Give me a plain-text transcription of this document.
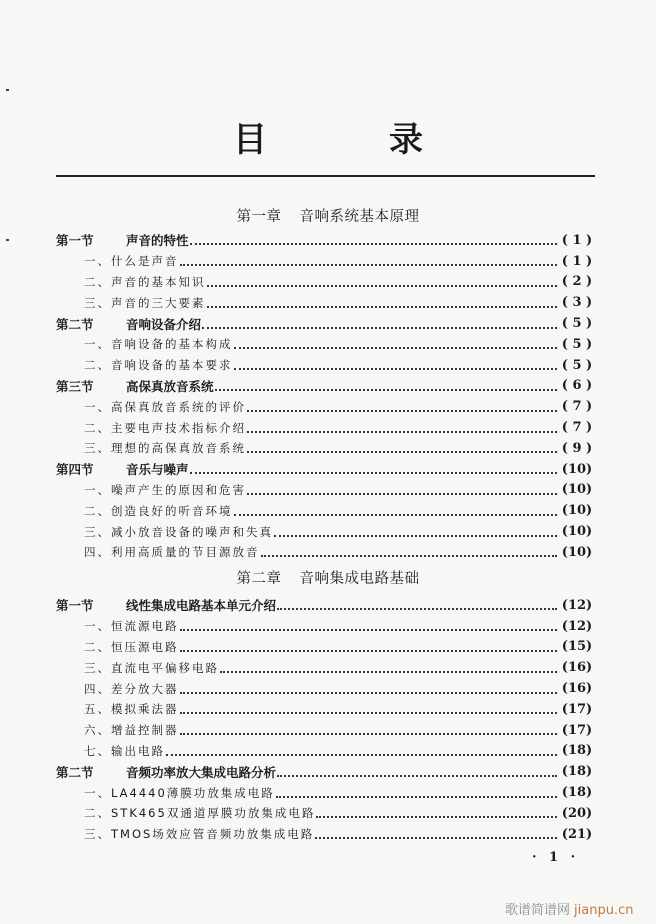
目　录
第一章 音响系统基本原理
第一节	声音的特性	( 1 )
一、 什么是声音	( 1 )
二、 声音的基本知识	( 2 )
三、 声音的三大要素	( 3 )
第二节	音响设备介绍	( 5 )
一、 音响设备的基本构成	( 5 )
二、 音响设备的基本要求	( 5 )
第三节	高保真放音系统	( 6 )
一、 高保真放音系统的评价	( 7 )
二、 主要电声技术指标介绍	( 7 )
三、 理想的高保真放音系统	( 9 )
第四节	音乐与噪声	(10)
一、 噪声产生的原因和危害	(10)
二、 创造良好的听音环境	(10)
三、 减小放音设备的噪声和失真	(10)
四、 利用高质量的节目源放音	(10)
第二章 音响集成电路基础
第一节	线性集成电路基本单元介绍	(12)
一、 恒流源电路	(12)
二、 恒压源电路	(15)
三、 直流电平偏移电路	(16)
四、 差分放大器	(16)
五、 模拟乘法器	(17)
六、 增益控制器	(17)
七、 输出电路	(18)
第二节	音频功率放大集成电路分析	(18)
一、 LA4440薄膜功放集成电路	(18)
二、 STK465双通道厚膜功放集成电路	(20)
三、 TMOS场效应管音频功放集成电路	(21)
· 1 ·
歌谱简谱网 jianpu.cn
